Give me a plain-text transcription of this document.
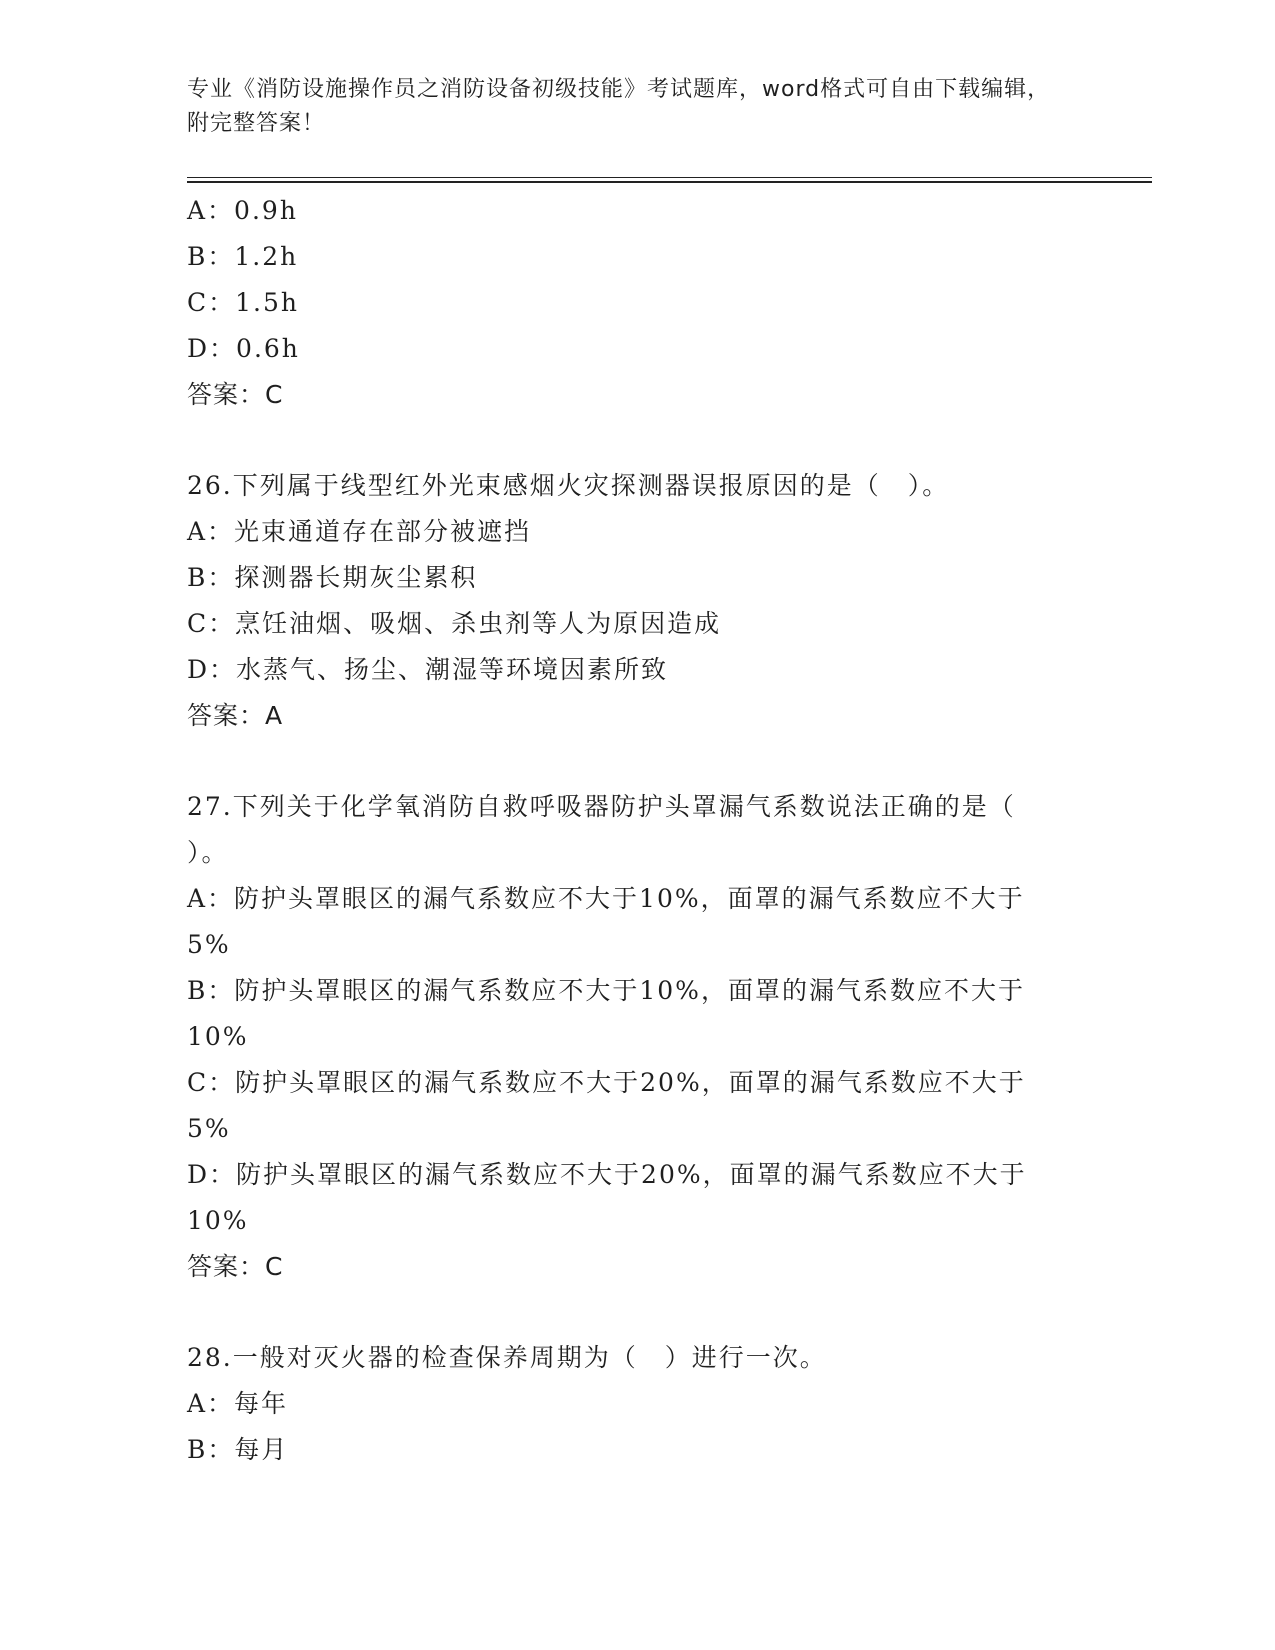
专业《消防设施操作员之消防设备初级技能》考试题库，word格式可自由下载编辑，附完整答案！
A：0.9h
B：1.2h
C：1.5h
D：0.6h
答案：C
26.下列属于线型红外光束感烟火灾探测器误报原因的是（　）。
A：光束通道存在部分被遮挡
B：探测器长期灰尘累积
C：烹饪油烟、吸烟、杀虫剂等人为原因造成
D：水蒸气、扬尘、潮湿等环境因素所致
答案：A
27.下列关于化学氧消防自救呼吸器防护头罩漏气系数说法正确的是（
）。
A：防护头罩眼区的漏气系数应不大于10%，面罩的漏气系数应不大于
5%
B：防护头罩眼区的漏气系数应不大于10%，面罩的漏气系数应不大于
10%
C：防护头罩眼区的漏气系数应不大于20%，面罩的漏气系数应不大于
5%
D：防护头罩眼区的漏气系数应不大于20%，面罩的漏气系数应不大于
10%
答案：C
28.一般对灭火器的检查保养周期为（　）进行一次。
A：每年
B：每月
